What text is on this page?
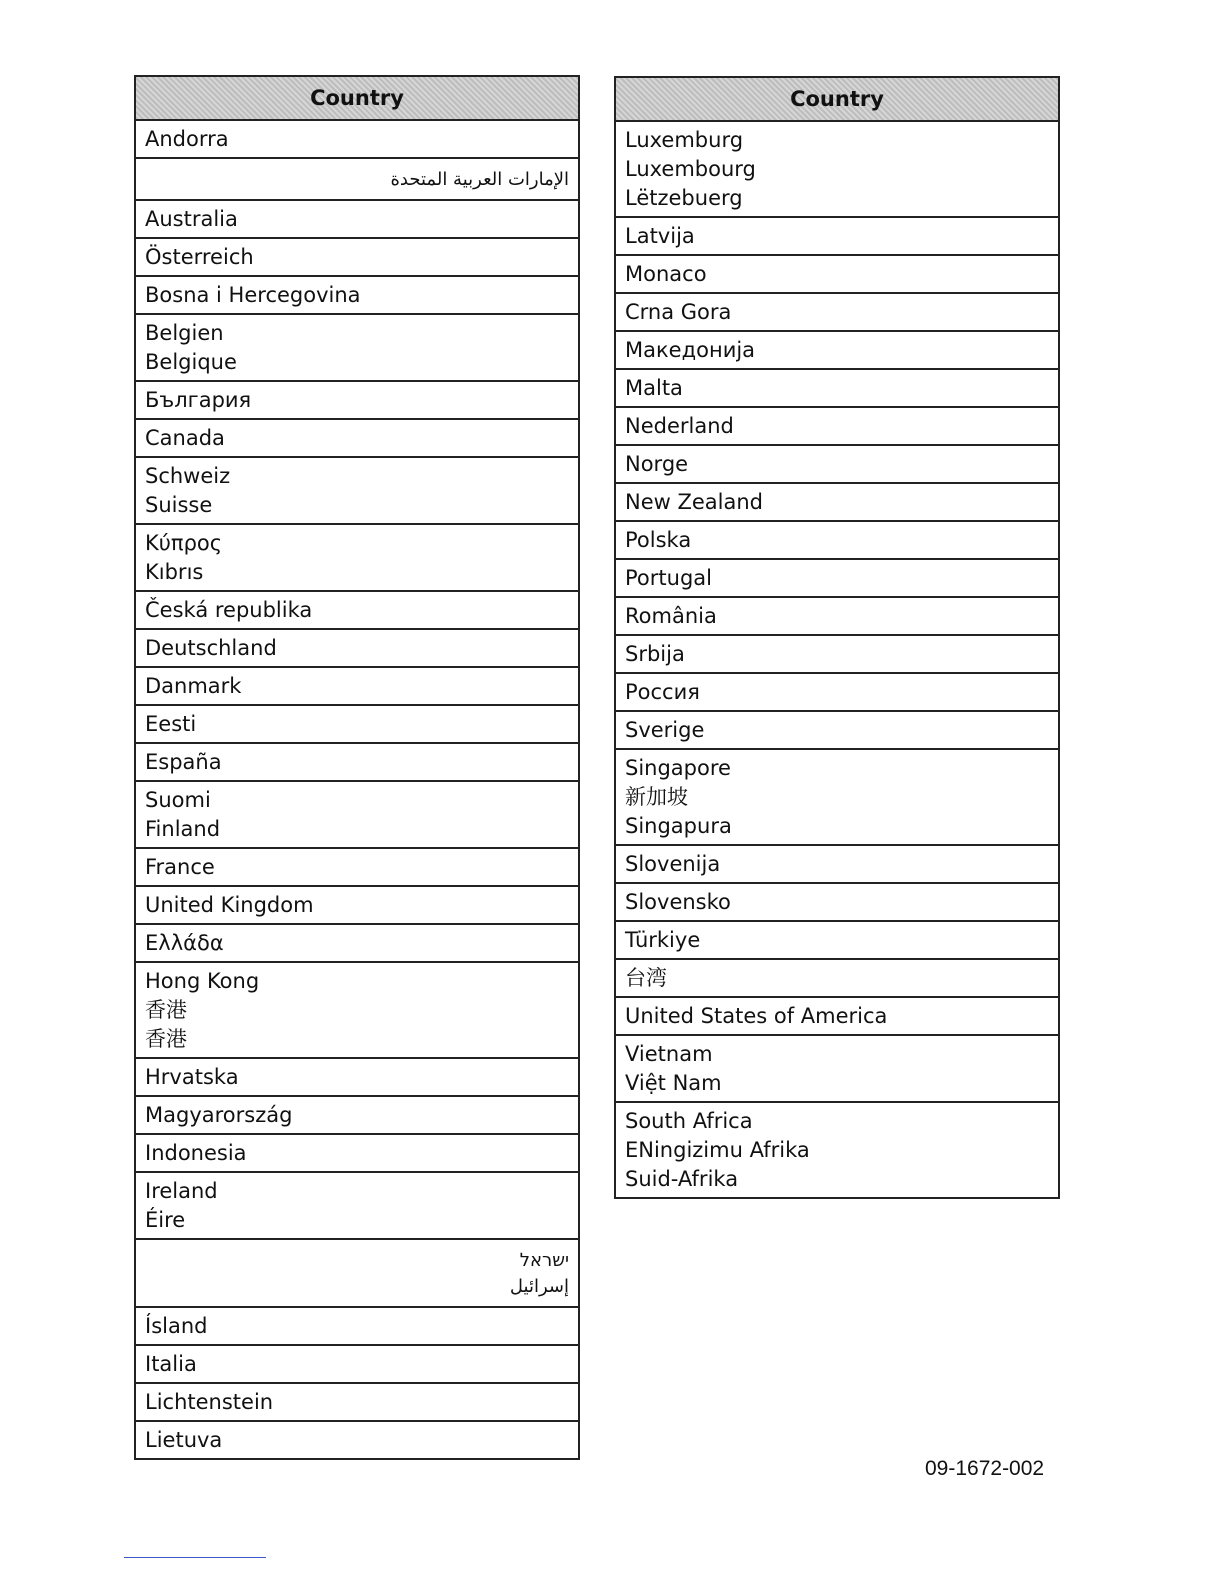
Country
Andorra
الإمارات العربية المتحدة
Australia
Österreich
Bosna i Hercegovina
Belgien
Belgique
България
Canada
Schweiz
Suisse
Κύπρος
Kıbrıs
Česká republika
Deutschland
Danmark
Eesti
España
Suomi
Finland
France
United Kingdom
Ελλάδα
Hong Kong
香港
香港
Hrvatska
Magyarország
Indonesia
Ireland
Éire
ישראל
إسرائيل
Ísland
Italia
Lichtenstein
Lietuva
Country
Luxemburg
Luxembourg
Lëtzebuerg
Latvija
Monaco
Crna Gora
Македонија
Malta
Nederland
Norge
New Zealand
Polska
Portugal
România
Srbija
Россия
Sverige
Singapore
新加坡
Singapura
Slovenija
Slovensko
Türkiye
台湾
United States of America
Vietnam
Việt Nam
South Africa
ENingizimu Afrika
Suid-Afrika
09-1672-002
